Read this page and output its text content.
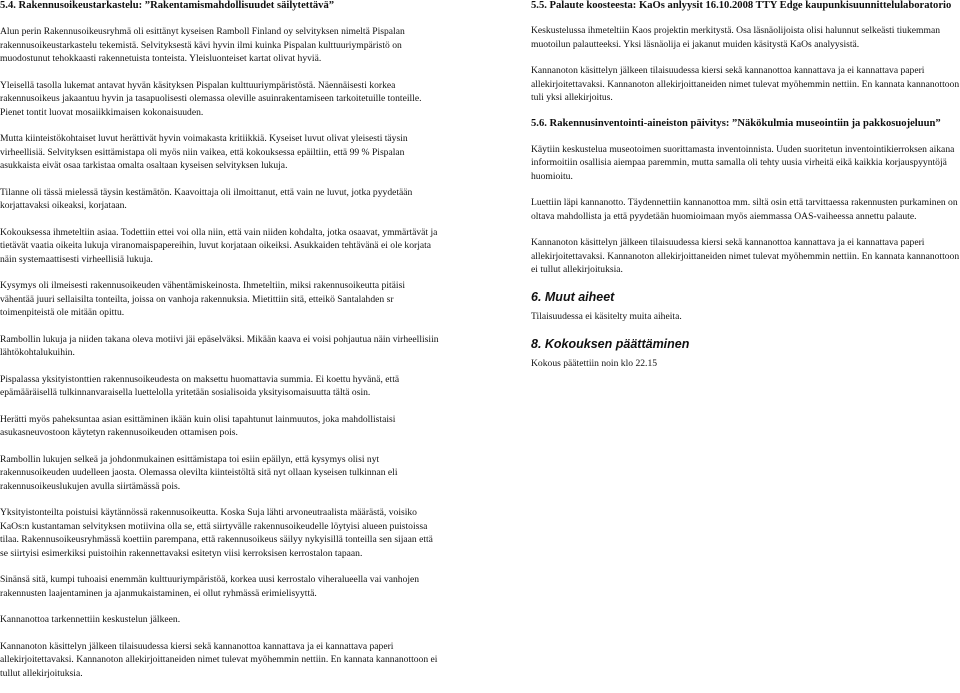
5.4. Rakennusoikeustarkastelu: ”Rakentamismahdollisuudet säilytettävä”

Alun perin Rakennusoikeusryhmä oli esittänyt kyseisen Ramboll Finland oy selvityksen nimeltä Pispalan rakennusoikeustarkastelu tekemistä. Selvityksestä kävi hyvin ilmi kuinka Pispalan kulttuuriympäristö on muodostunut tehokkaasti rakennetuista tonteista. Yleisluonteiset kartat olivat hyviä.

Yleisellä tasolla lukemat antavat hyvän käsityksen Pispalan kulttuuriympäristöstä. Näennäisesti korkea rakennusoikeus jakaantuu hyvin ja tasapuolisesti olemassa oleville asuinrakentamiseen tarkoitetuille tonteille. Pienet tontit luovat mosaiikkimaisen kokonaisuuden.

Mutta kiinteistökohtaiset luvut herättivät hyvin voimakasta kritiikkiä. Kyseiset luvut olivat yleisesti täysin virheellisiä. Selvityksen esittämistapa oli myös niin vaikea, että kokouksessa epäiltiin, että 99 % Pispalan asukkaista eivät osaa tarkistaa omalta osaltaan kyseisen selvityksen lukuja.

Tilanne oli tässä mielessä täysin kestämätön. Kaavoittaja oli ilmoittanut, että vain ne luvut, jotka pyydetään korjattavaksi oikeaksi, korjataan.

Kokouksessa ihmeteltiin asiaa. Todettiin ettei voi olla niin, että vain niiden kohdalta, jotka osaavat, ymmärtävät ja tietävät vaatia oikeita lukuja viranomaispapereihin, luvut korjataan oikeiksi. Asukkaiden tehtävänä ei ole korjata näin systemaattisesti virheellisiä lukuja.

Kysymys oli ilmeisesti rakennusoikeuden vähentämiskeinosta. Ihmeteltiin, miksi rakennusoikeutta pitäisi vähentää juuri sellaisilta tonteilta, joissa on vanhoja rakennuksia. Mietittiin sitä, etteikö Santalahden sr toimenpiteistä ole mitään opittu.

Rambollin lukuja ja niiden takana oleva motiivi jäi epäselväksi. Mikään kaava ei voisi pohjautua näin virheellisiin lähtökohtalukuihin.

Pispalassa yksityistonttien rakennusoikeudesta on maksettu huomattavia summia. Ei koettu hyvänä, että epämääräisellä tulkinnanvaraisella luettelolla yritetään sosialisoida yksityisomaisuutta tältä osin.

Herätti myös paheksuntaa asian esittäminen ikään kuin olisi tapahtunut lainmuutos, joka mahdollistaisi asukasneuvostoon käytetyn rakennusoikeuden ottamisen pois.

Rambollin lukujen selkeä ja johdonmukainen esittämistapa toi esiin epäilyn, että kysymys olisi nyt rakennusoikeuden uudelleen jaosta. Olemassa olevilta kiinteistöltä sitä nyt ollaan kyseisen tulkinnan eli rakennusoikeuslukujen avulla siirtämässä pois.

Yksityistonteilta poistuisi käytännössä rakennusoikeutta. Koska Suja lähti arvoneutraalista määrästä, voisiko KaOs:n kustantaman selvityksen motiivina olla se, että siirtyvälle rakennusoikeudelle löytyisi alueen puistoissa tilaa. Rakennusoikeusryhmässä koettiin parempana, että rakennusoikeus säilyy nykyisillä tonteilla sen sijaan että se siirtyisi esimerkiksi puistoihin rakennettavaksi esitetyn viisi kerroksisen kerrostalon tapaan.

Sinänsä sitä, kumpi tuhoaisi enemmän kulttuuriympäristöä, korkea uusi kerrostalo viheralueella vai vanhojen rakennusten laajentaminen ja ajanmukaistaminen, ei ollut ryhmässä erimielisyyttä.

Kannanottoa tarkennettiin keskustelun jälkeen.

Kannanoton käsittelyn jälkeen tilaisuudessa kiersi sekä kannanottoa kannattava ja ei kannattava paperi allekirjoitettavaksi. Kannanoton allekirjoittaneiden nimet tulevat myöhemmin nettiin. En kannata kannanottoon ei tullut allekirjoituksia.

5.5. Palaute koosteesta: KaOs anlyysit 16.10.2008 TTY Edge kaupunkisuunnittelulaboratorio

Keskustelussa ihmeteltiin Kaos projektin merkitystä. Osa läsnäolijoista olisi halunnut selkeästi tiukemman muotoilun palautteeksi. Yksi läsnäolija ei jakanut muiden käsitystä KaOs analyysistä.

Kannanoton käsittelyn jälkeen tilaisuudessa kiersi sekä kannanottoa kannattava ja ei kannattava paperi allekirjoitettavaksi. Kannanoton allekirjoittaneiden nimet tulevat myöhemmin nettiin. En kannata kannanottoon tuli yksi allekirjoitus.

5.6. Rakennusinventointi-aineiston päivitys: ”Näkökulmia museointiin ja pakkosuojeluun”

Käytiin keskustelua museotoimen suorittamasta inventoinnista. Uuden suoritetun inventointikierroksen aikana informoitiin osallisia aiempaa paremmin, mutta samalla oli tehty uusia virheitä eikä kaikkia korjauspyyntöjä huomioitu.

Luettiin läpi kannanotto. Täydennettiin kannanottoa mm. siltä osin että tarvittaessa rakennusten purkaminen on oltava mahdollista ja että pyydetään huomioimaan myös aiemmassa OAS-vaiheessa annettu palaute.

Kannanoton käsittelyn jälkeen tilaisuudessa kiersi sekä kannanottoa kannattava ja ei kannattava paperi allekirjoitettavaksi. Kannanoton allekirjoittaneiden nimet tulevat myöhemmin nettiin. En kannata kannanottoon ei tullut allekirjoituksia.

6. Muut aiheet

Tilaisuudessa ei käsitelty muita aiheita.

8. Kokouksen päättäminen

Kokous päätettiin noin klo 22.15
